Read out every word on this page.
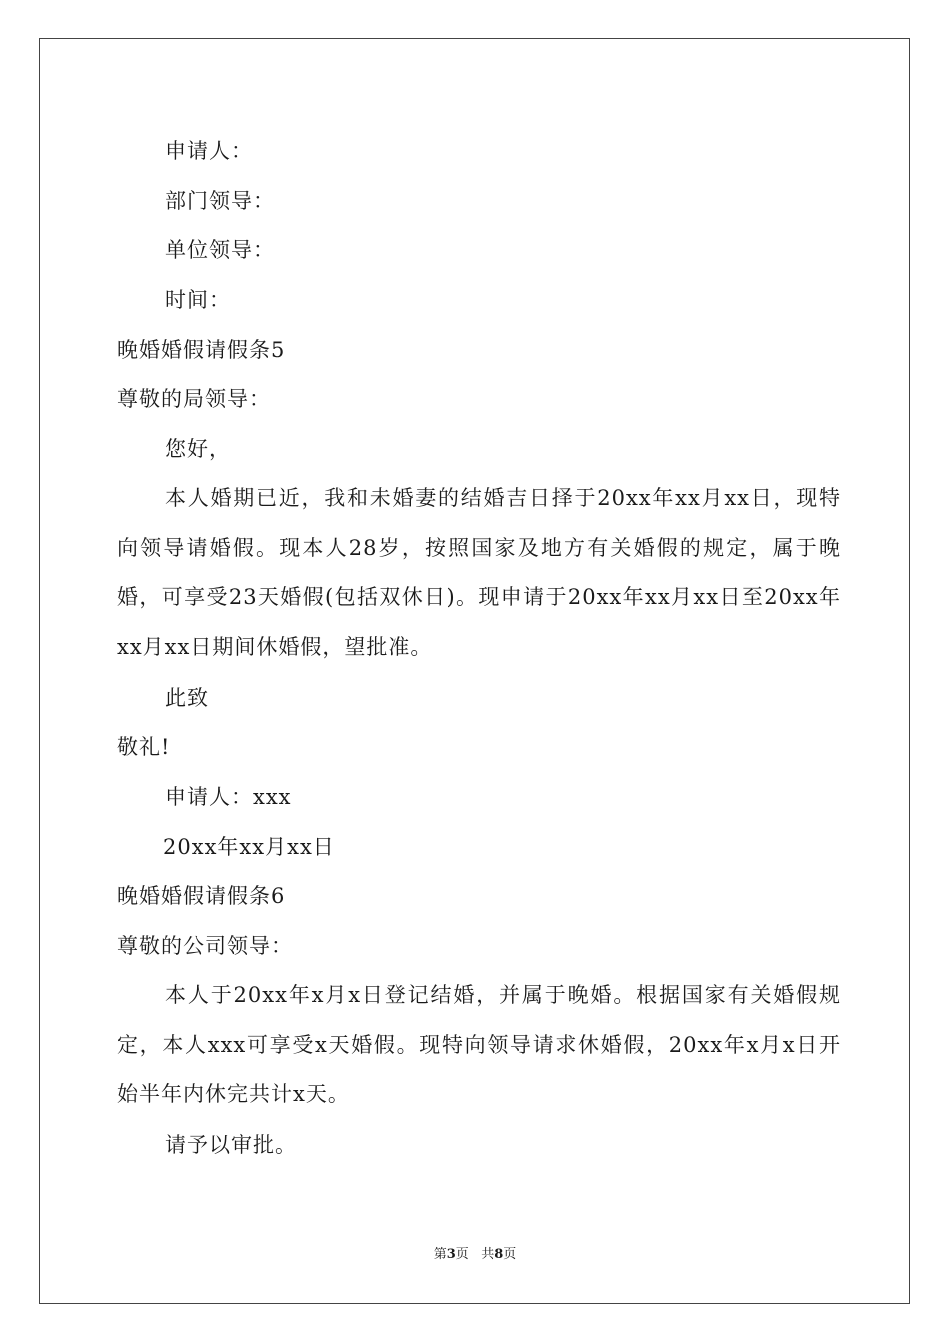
申请人：
部门领导：
单位领导：
时间：
晚婚婚假请假条5
尊敬的局领导：
您好，
本人婚期已近，我和未婚妻的结婚吉日择于20xx年xx月xx日，现特向领导请婚假。现本人28岁，按照国家及地方有关婚假的规定，属于晚婚，可享受23天婚假(包括双休日)。现申请于20xx年xx月xx日至20xx年xx月xx日期间休婚假，望批准。
此致
敬礼!
申请人：xxx
20xx年xx月xx日
晚婚婚假请假条6
尊敬的公司领导：
本人于20xx年x月x日登记结婚，并属于晚婚。根据国家有关婚假规定，本人xxx可享受x天婚假。现特向领导请求休婚假，20xx年x月x日开始半年内休完共计x天。
请予以审批。
第3页   共8页
